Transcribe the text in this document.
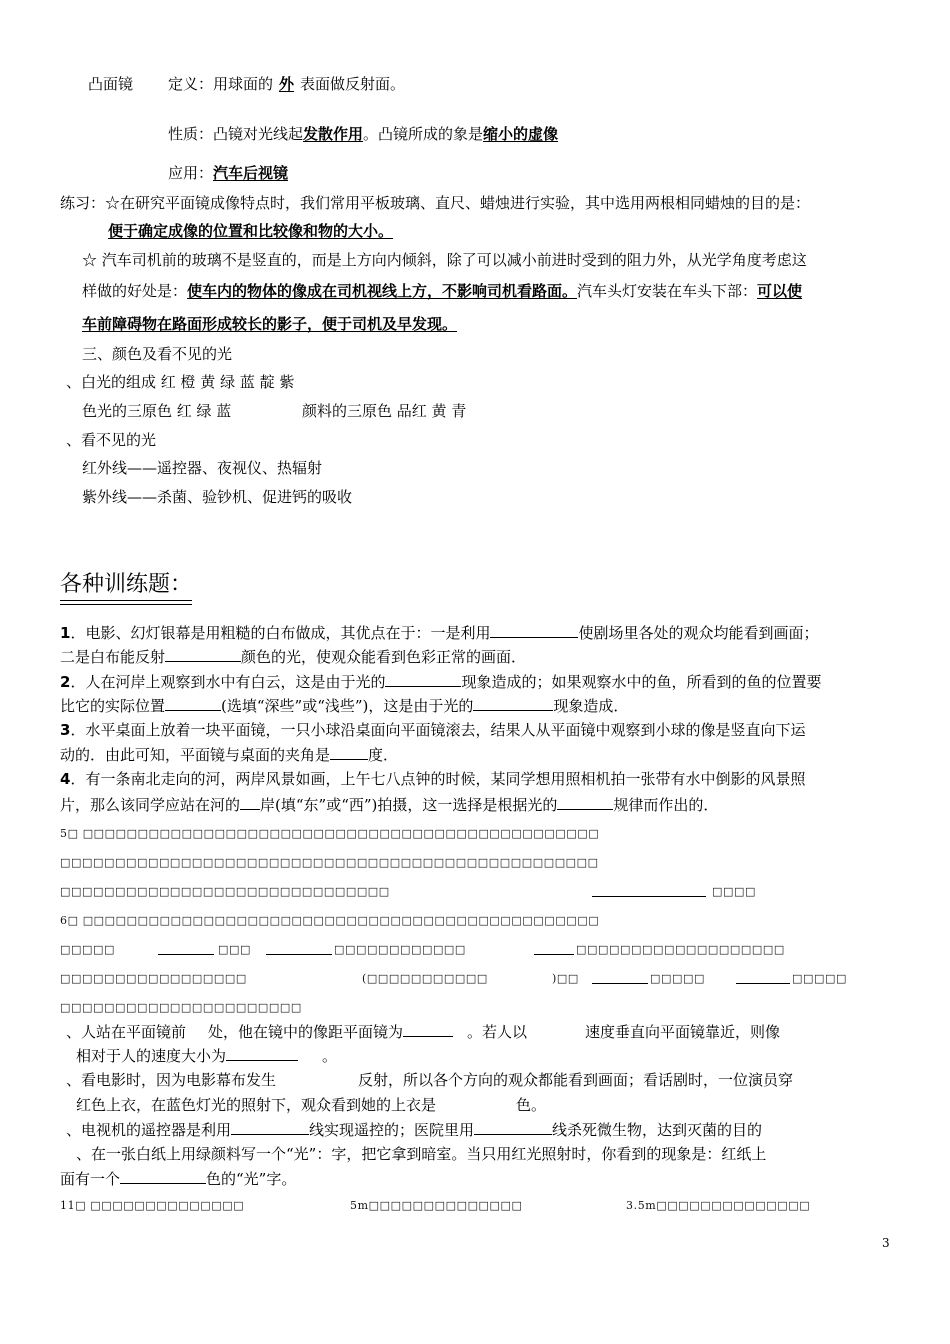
凸面镜 定义：用球面的 外 表面做反射面。
性质：凸镜对光线起发散作用。凸镜所成的象是缩小的虚像
应用：汽车后视镜
练习：☆在研究平面镜成像特点时，我们常用平板玻璃、直尺、蜡烛进行实验，其中选用两根相同蜡烛的目的是：
便于确定成像的位置和比较像和物的大小。
☆ 汽车司机前的玻璃不是竖直的，而是上方向内倾斜，除了可以减小前进时受到的阻力外，从光学角度考虑这
样做的好处是：使车内的物体的像成在司机视线上方，不影响司机看路面。汽车头灯安装在车头下部：可以使
车前障碍物在路面形成较长的影子，便于司机及早发现。
三、颜色及看不见的光
、白光的组成 红 橙 黄 绿 蓝 靛 紫
色光的三原色 红 绿 蓝	颜料的三原色 品红 黄 青
、看不见的光
红外线——遥控器、夜视仪、热辐射
紫外线——杀菌、验钞机、促进钙的吸收
各种训练题：
1．电影、幻灯银幕是用粗糙的白布做成，其优点在于：一是利用	使剧场里各处的观众均能看到画面；
二是白布能反射	颜色的光，使观众能看到色彩正常的画面．
2．人在河岸上观察到水中有白云，这是由于光的	现象造成的；如果观察水中的鱼，所看到的鱼的位置要
比它的实际位置	(选填“深些”或“浅些”)，这是由于光的	现象造成．
3．水平桌面上放着一块平面镜，一只小球沿桌面向平面镜滚去，结果人从平面镜中观察到小球的像是竖直向下运
动的．由此可知，平面镜与桌面的夹角是	度．
4．有一条南北走向的河，两岸风景如画，上午七八点钟的时候，某同学想用照相机拍一张带有水中倒影的风景照
片，那么该同学应站在河的 岸(填“东”或“西”)拍摄，这一选择是根据光的	规律而作出的．
5□ □□□□□□□□□□□□□□□□□□□□□□□□□□□□□□□□□□□□□□□□□□□□□□□
□□□□□□□□□□□□□□□□□□□□□□□□□□□□□□□□□□□□□□□□□□□□□□□□□
□□□□□□□□□□□□□□□□□□□□□□□□□□□□□□	□□□□
6□ □□□□□□□□□□□□□□□□□□□□□□□□□□□□□□□□□□□□□□□□□□□□□□□
□□□□□	□□□	□□□□□□□□□□□□	□□□□□□□□□□□□□□□□□□□
□□□□□□□□□□□□□□□□□	(□□□□□□□□□□□	)□□	□□□□□	□□□□□
□□□□□□□□□□□□□□□□□□□□□□
、人站在平面镜前 处，他在镜中的像距平面镜为	。若人以	速度垂直向平面镜靠近，则像
相对于人的速度大小为	。
、看电影时，因为电影幕布发生	反射，所以各个方向的观众都能看到画面；看话剧时，一位演员穿
红色上衣，在蓝色灯光的照射下，观众看到她的上衣是	色。
、电视机的遥控器是利用	线实现遥控的；医院里用	线杀死微生物，达到灭菌的目的
、在一张白纸上用绿颜料写一个“光”：字，把它拿到暗室。当只用红光照射时，你看到的现象是：红纸上
面有一个	色的“光”字。
11□ □□□□□□□□□□□□□□	5m□□□□□□□□□□□□□□	3.5m□□□□□□□□□□□□□□
3
